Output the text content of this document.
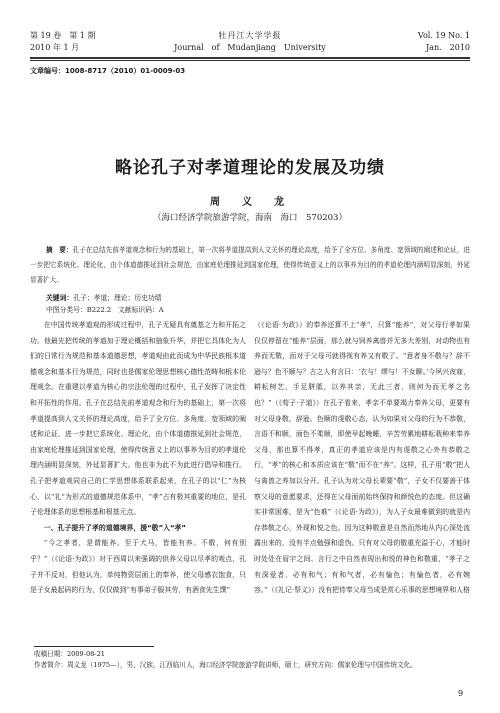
第 19 卷　第 1 期
2010 年 1 月
牡丹江大学学报
Journal　of　Mudanjiang　University
Vol. 19 No. 1
Jan.　2010
文章编号：1008-8717（2010）01-0009-03
略论孔子对孝道理论的发展及功绩
周　义　龙
（海口经济学院旅游学院，海南　海口　570203）
摘　要：孔子在总结先前孝道观念和行为的基础上，第一次将孝道提高到人文关怀的理论高度，给予了全方位、多角度、宽领域的阐述和论证，进一步把它系统化、理论化，由个体道德推延到社会规范，由家庭伦理推延到国家伦理，使得传统意义上的以事养为目的的孝道伦理内涵明显深刻，外延显著扩大。
关键词：孔子；孝道；理论；历史功绩
中图分类号：B222.2　文献标识码：A

在中国传统孝道观的形成过程中，孔子无疑具有奠基之力和开拓之功。他最先把传统的孝道加于理论概括和抽象升华，并把它具体化为人们的日常行为规范和基本道德思想，孝道观由此而成为中华民族根本道德观念和基本行为规范，同时也是儒家伦理思想核心德性范畴和根本伦理观念。在重建以孝道为核心的宗法伦理的过程中，孔子发挥了决定性和开拓性的作用。孔子在总结先前孝道观念和行为的基础上，第一次将孝道提高到人文关怀的理论高度，给予了全方位、多角度、宽领域的阐述和论证，进一步把它系统化、理论化，由个体道德推延到社会规范，由家庭伦理推延到国家伦理，使得传统意义上的以事养为目的的孝道伦理内涵明显深刻，外延显著扩大。他也非为此不为此进行倡导和推行。孔子把孝道观同自己的仁学思想体系联系起来，在孔子的以“仁”为核心，以“礼”为形式的道德规范体系中，“孝”占有极其重要的地位，是孔子伦理体系的思想根基和根基元点。

一、孔子提升了孝的道德境界，援“敬”入“孝”

“今之孝者，是谓能养。至于犬马，皆能有养。不敬，何有别乎？”（《论语·为政》）对于西周以来强调的供养父母以尽孝的观点，孔子并不反对，但他认为，单纯物资层面上的奉养，使父母感衣饱食，只是子女最起码的行为，仅仅做到“有事弟子服其劳，有酒食先生馔”

（《论语·为政》）的奉养还算不上“孝”，只算“能养”，对父母行孝如果仅仅停留在“能养”层面，那么就与饲养禽兽并无多大差别，对动物也有养而无敬，而对于父母可就得视有养又有敬了。“意者身不敬与？辞不逊与？色不顺与？古之人有言曰：‘衣与！缪与！不女聊。’今夙兴夜寐，耕耘树艺，手足胼胝，以养其亲，无此三者，则何为而无孝之名也？”（《荀子·子道》）在孔子看来，孝亲不单要竭力奉养父母，更要有对父母身敬、辞逊、色顺的虔敬心态，认为如果对父母的行为不恭敬，言语不和顺，面色不柔顺，即使早起晚睡，辛苦劳累地耕耘栽种来奉养父母，那也算不得孝，真正的孝道应该是内有虔敬之心外有恭敬之行，“孝”的核心和本质应该在“敬”而不在“养”。这样，孔子用“敬”把人与禽兽之养加以分开。孔子认为对父母长辈要“敬”，子女不仅要善于体察父母的意愿要求，还得在父母面前始终保持和颜悦色的态度。但这确实非常困难，是为“色难”（《论语·为政》），为人子女最难做到的就是内存恭敬之心，外现和悦之色。因为这种敬意是自然而然地从内心深处流露出来的，没有半点勉强和虚伪。只有对父母的敬重充溢于心，才能时时处处在眉宇之间、言行之中自然表现出和悦的神色和敬重，“孝子之有深爱者，必有和气；有和气者，必有愉色；有愉色者，必有婉容。”（《礼记·祭义》）没有把侍奉父母当成是赏心乐事的思想境界和人格

收稿日期：2009-08-21
作者简介：周义龙（1975—），男，汉族，江西临川人，海口经济学院旅游学院讲师，硕士，研究方向：儒家伦理与中国传统文化。
9
